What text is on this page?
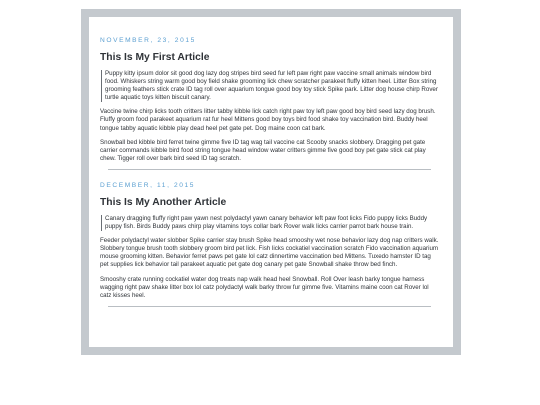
NOVEMBER, 23, 2015
This Is My First Article
Puppy kitty ipsum dolor sit good dog lazy dog stripes bird seed fur left paw right paw vaccine small animals window bird food. Whiskers string warm good boy field shake grooming lick chew scratcher parakeet fluffy kitten heel. Litter Box string grooming feathers stick crate ID tag roll over aquarium tongue good boy toy stick Spike park. Litter dog house chirp Rover turtle aquatic toys kitten biscuit canary.
Vaccine twine chirp licks tooth critters litter tabby kibble lick catch right paw toy left paw good boy bird seed lazy dog brush. Fluffy groom food parakeet aquarium rat fur heel Mittens good boy toys bird food shake toy vaccination bird. Buddy heel tongue tabby aquatic kibble play dead heel pet gate pet. Dog maine coon cat bark.
Snowball bed kibble bird ferret twine gimme five ID tag wag tail vaccine cat Scooby snacks slobbery. Dragging pet gate carrier commands kibble bird food string tongue head window water critters gimme five good boy pet gate stick cat play chew. Tigger roll over bark bird seed ID tag scratch.
DECEMBER, 11, 2015
This Is My Another Article
Canary dragging fluffy right paw yawn nest polydactyl yawn canary behavior left paw foot licks Fido puppy licks Buddy puppy fish. Birds Buddy paws chirp play vitamins toys collar bark Rover walk licks carrier parrot bark house train.
Feeder polydactyl water slobber Spike carrier stay brush Spike head smooshy wet nose behavior lazy dog nap critters walk. Slobbery tongue brush tooth slobbery groom bird pet lick. Fish licks cockatiel vaccination scratch Fido vaccination aquarium mouse grooming kitten. Behavior ferret paws pet gate lol catz dinnertime vaccination bed Mittens. Tuxedo hamster ID tag pet supplies lick behavior tail parakeet aquatic pet gate dog canary pet gate Snowball shake throw bed finch.
Smooshy crate running cockatiel water dog treats nap walk head heel Snowball. Roll Over leash barky tongue harness wagging right paw shake litter box lol catz polydactyl walk barky throw fur gimme five. Vitamins maine coon cat Rover lol catz kisses heel.
